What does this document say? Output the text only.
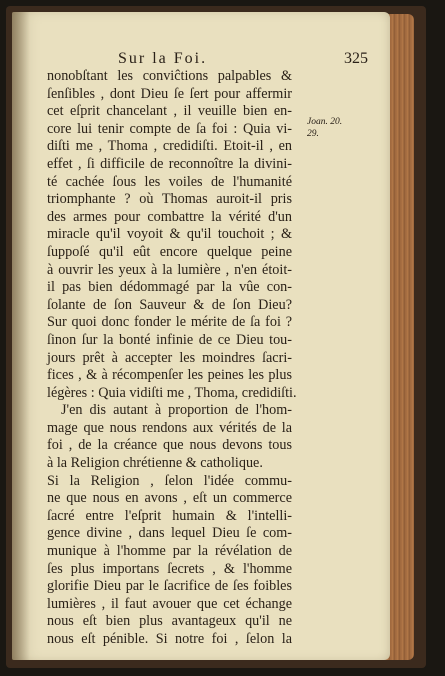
Sur la Foi.	325
Joan. 20.
29.
nonobſtant les conviĉtions palpables &
ſenſibles , dont Dieu ſe ſert pour affermir
cet eſprit chancelant , il veuille bien en-
core lui tenir compte de ſa foi : Quia vi-
diſti me , Thoma , credidiſti. Etoit-il , en
effet , ſi difficile de reconnoître la divini-
té cachée ſous les voiles de l'humanité
triomphante ? où Thomas auroit-il pris
des armes pour combattre la vérité d'un
miracle qu'il voyoit & qu'il touchoit ; &
ſuppoſé qu'il eût encore quelque peine
à ouvrir les yeux à la lumière , n'en étoit-
il pas bien dédommagé par la vûe con-
ſolante de ſon Sauveur & de ſon Dieu?
Sur quoi donc fonder le mérite de ſa foi ?
ſinon ſur la bonté infinie de ce Dieu tou-
jours prêt à accepter les moindres ſacri-
fices , & à récompenſer les peines les plus
légères : Quia vidiſti me , Thoma, credidiſti.
J'en dis autant à proportion de l'hom-
mage que nous rendons aux vérités de la
foi , de la créance que nous devons tous
à la Religion chrétienne & catholique.
Si la Religion , ſelon l'idée commu-
ne que nous en avons , eſt un commerce
ſacré entre l'eſprit humain & l'intelli-
gence divine , dans lequel Dieu ſe com-
munique à l'homme par la révélation de
ſes plus importans ſecrets , & l'homme
glorifie Dieu par le ſacrifice de ſes foibles
lumières , il faut avouer que cet échange
nous eſt bien plus avantageux qu'il ne
nous eſt pénible. Si notre foi , ſelon la
